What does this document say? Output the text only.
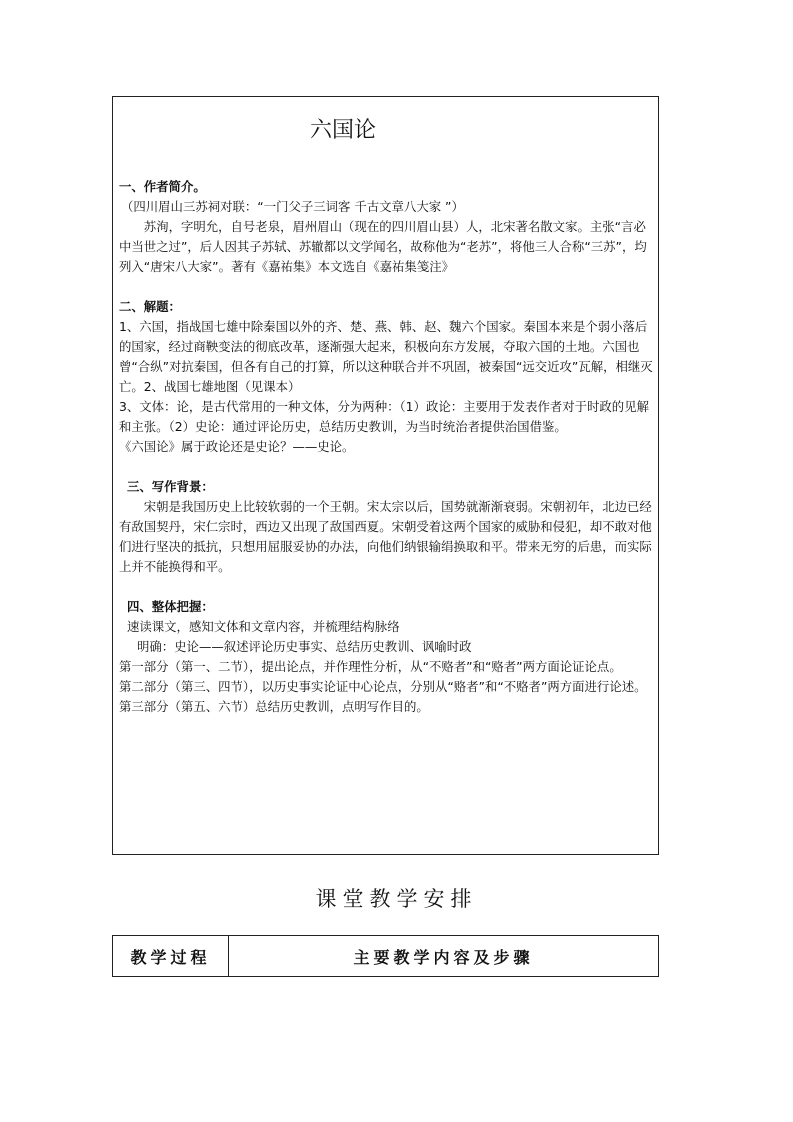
六国论

一、作者简介。

（四川眉山三苏祠对联：“一门父子三词客 千古文章八大家 ”）

苏洵，字明允，自号老泉，眉州眉山（现在的四川眉山县）人，北宋著名散文家。主张“言必中当世之过”，后人因其子苏轼、苏辙都以文学闻名，故称他为“老苏”，将他三人合称“三苏”，均列入“唐宋八大家”。著有《嘉祐集》本文选自《嘉祐集笺注》

二、解题：

1、六国，指战国七雄中除秦国以外的齐、楚、燕、韩、赵、魏六个国家。秦国本来是个弱小落后的国家，经过商鞅变法的彻底改革，逐渐强大起来，积极向东方发展，夺取六国的土地。六国也曾“合纵”对抗秦国，但各有自己的打算，所以这种联合并不巩固，被秦国“远交近攻”瓦解，相继灭亡。2、战国七雄地图（见课本）

3、文体：论，是古代常用的一种文体，分为两种：（1）政论：主要用于发表作者对于时政的见解和主张。（2）史论：通过评论历史，总结历史教训，为当时统治者提供治国借鉴。

《六国论》属于政论还是史论？——史论。

三、写作背景：

宋朝是我国历史上比较软弱的一个王朝。宋太宗以后，国势就渐渐衰弱。宋朝初年，北边已经有敌国契丹，宋仁宗时，西边又出现了敌国西夏。宋朝受着这两个国家的威胁和侵犯，却不敢对他们进行坚决的抵抗，只想用屈服妥协的办法，向他们纳银输绢换取和平。带来无穷的后患，而实际上并不能换得和平。

四、整体把握：

速读课文，感知文体和文章内容，并梳理结构脉络

明确：史论——叙述评论历史事实、总结历史教训、讽喻时政

第一部分（第一、二节），提出论点，并作理性分析，从“不赂者”和“赂者”两方面论证论点。

第二部分（第三、四节），以历史事实论证中心论点，分别从“赂者”和“不赂者”两方面进行论述。

第三部分（第五、六节）总结历史教训，点明写作目的。

课堂教学安排
教学过程	主要教学内容及步骤
